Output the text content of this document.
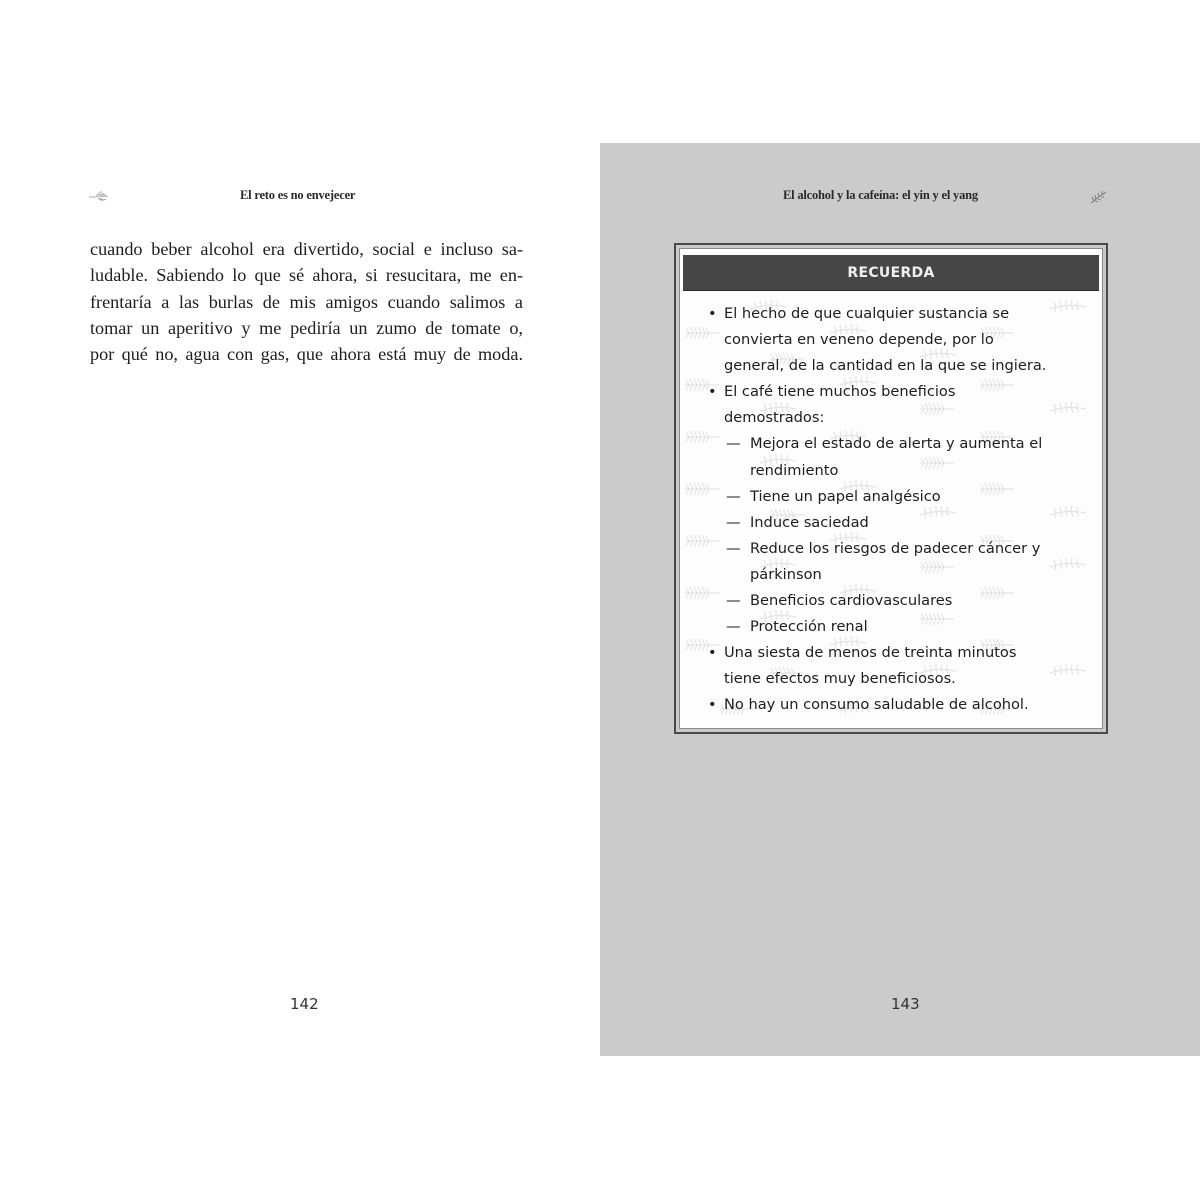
El reto es no envejecer
cuando beber alcohol era divertido, social e incluso sa-
ludable. Sabiendo lo que sé ahora, si resucitara, me en-
frentaría a las burlas de mis amigos cuando salimos a
tomar un aperitivo y me pediría un zumo de tomate o,
por qué no, agua con gas, que ahora está muy de moda.
142
El alcohol y la cafeína: el yin y el yang
RECUERDA
• El hecho de que cualquier sustancia se
convierta en veneno depende, por lo
general, de la cantidad en la que se ingiera.
• El café tiene muchos beneficios
demostrados:
— Mejora el estado de alerta y aumenta el
rendimiento
— Tiene un papel analgésico
— Induce saciedad
— Reduce los riesgos de padecer cáncer y
párkinson
— Beneficios cardiovasculares
— Protección renal
• Una siesta de menos de treinta minutos
tiene efectos muy beneficiosos.
• No hay un consumo saludable de alcohol.
143
